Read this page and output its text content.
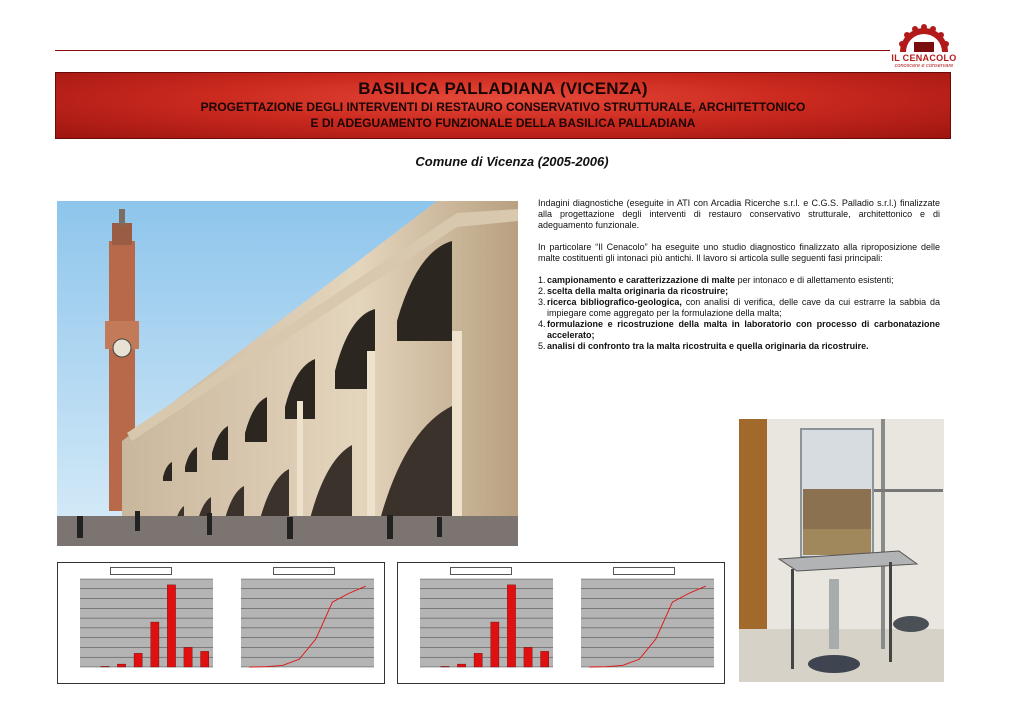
IL CENACOLO
conoscere e conservare
BASILICA PALLADIANA (VICENZA)
PROGETTAZIONE DEGLI INTERVENTI DI RESTAURO CONSERVATIVO STRUTTURALE, ARCHITETTONICO
E DI ADEGUAMENTO FUNZIONALE DELLA BASILICA PALLADIANA
Comune di Vicenza (2005-2006)

Indagini diagnostiche (eseguite in ATI con Arcadia Ricerche s.r.l. e C.G.S. Palladio s.r.l.) finalizzate alla progettazione degli interventi di restauro conservativo strutturale, architettonico e di adeguamento funzionale.

In particolare “Il Cenacolo” ha eseguite uno studio diagnostico finalizzato alla riproposizione delle malte costituenti gli intonaci più antichi. Il lavoro si articola sulle seguenti fasi principali:

1. campionamento e caratterizzazione di malte per intonaco e di allettamento esistenti;
2. scelta della malta originaria da ricostruire;
3. ricerca bibliografico-geologica, con analisi di verifica, delle cave da cui estrarre la sabbia da impiegare come aggregato per la formulazione della malta;
4. formulazione e ricostruzione della malta in laboratorio con processo di carbonatazione accelerato;
5. analisi di confronto tra la malta ricostruita e quella originaria da ricostruire.
